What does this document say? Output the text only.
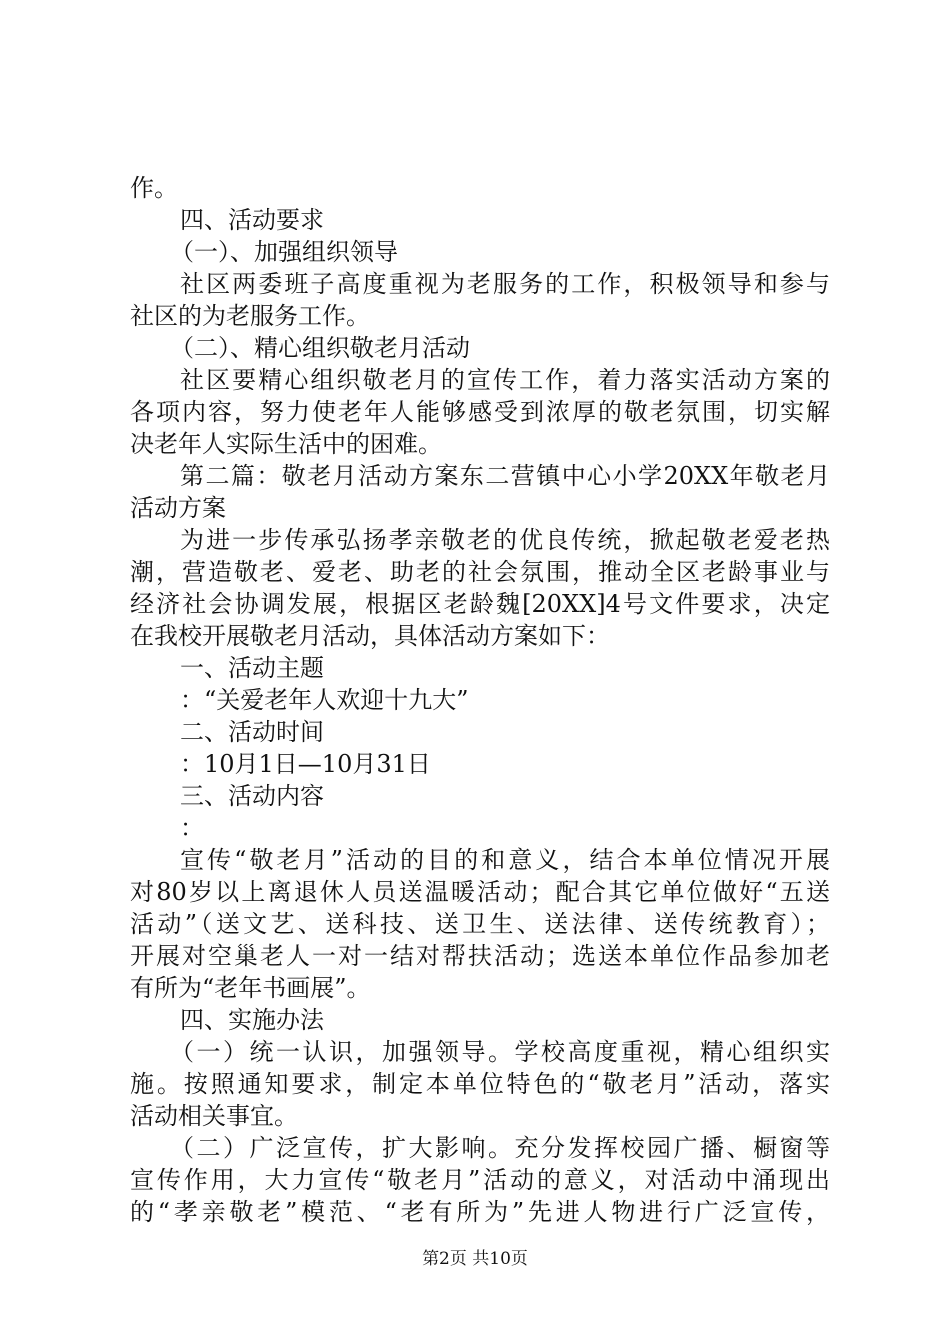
作。
四、活动要求
（一）、加强组织领导
社区两委班子高度重视为老服务的工作，积极领导和参与
社区的为老服务工作。
（二）、精心组织敬老月活动
社区要精心组织敬老月的宣传工作，着力落实活动方案的
各项内容，努力使老年人能够感受到浓厚的敬老氛围，切实解
决老年人实际生活中的困难。
第二篇：敬老月活动方案东二营镇中心小学20XX年敬老月
活动方案
为进一步传承弘扬孝亲敬老的优良传统，掀起敬老爱老热
潮，营造敬老、爱老、助老的社会氛围，推动全区老龄事业与
经济社会协调发展，根据区老龄魏[20XX]4号文件要求，决定
在我校开展敬老月活动，具体活动方案如下：
一、活动主题
：“关爱老年人欢迎十九大”
二、活动时间
：10月1日—10月31日
三、活动内容
：
宣传“敬老月”活动的目的和意义，结合本单位情况开展
对80岁以上离退休人员送温暖活动；配合其它单位做好“五送
活动”（送文艺、送科技、送卫生、送法律、送传统教育）；
开展对空巢老人一对一结对帮扶活动；选送本单位作品参加老
有所为“老年书画展”。
四、实施办法
（一）统一认识，加强领导。学校高度重视，精心组织实
施。按照通知要求，制定本单位特色的“敬老月”活动，落实
活动相关事宜。
（二）广泛宣传，扩大影响。充分发挥校园广播、橱窗等
宣传作用，大力宣传“敬老月”活动的意义，对活动中涌现出
的“孝亲敬老”模范、“老有所为”先进人物进行广泛宣传，
第2页 共10页
